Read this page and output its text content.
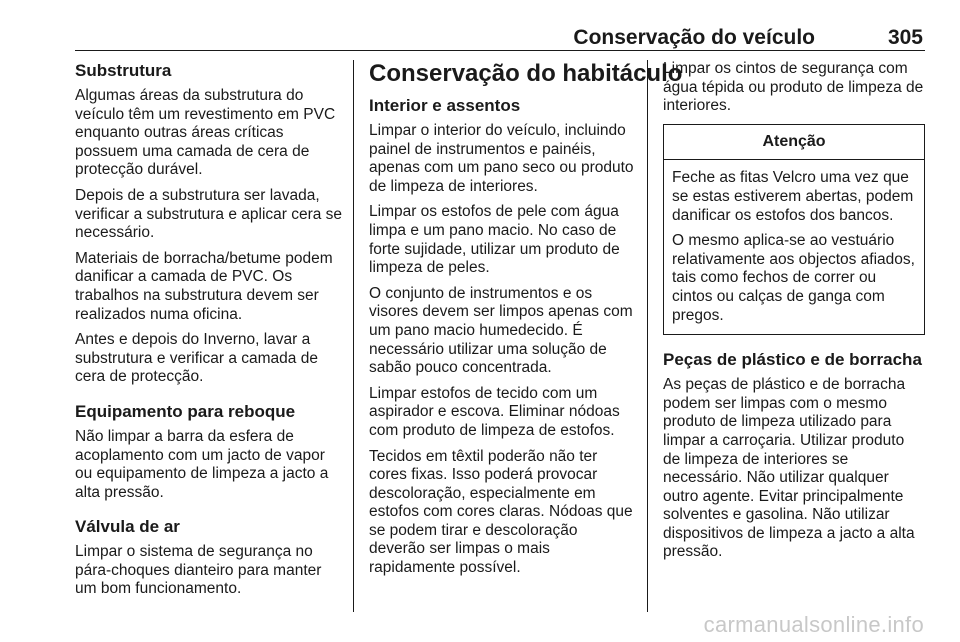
Conservação do veículo	305
Substrutura

Algumas áreas da substrutura do veículo têm um revestimento em PVC enquanto outras áreas críticas possuem uma camada de cera de protecção durável.

Depois de a substrutura ser lavada, verificar a substrutura e aplicar cera se necessário.

Materiais de borracha/betume podem danificar a camada de PVC. Os trabalhos na substrutura devem ser realizados numa oficina.

Antes e depois do Inverno, lavar a substrutura e verificar a camada de cera de protecção.

Equipamento para reboque

Não limpar a barra da esfera de acoplamento com um jacto de vapor ou equipamento de limpeza a jacto a alta pressão.

Válvula de ar

Limpar o sistema de segurança no pára-choques dianteiro para manter um bom funcionamento.

Conservação do habitáculo
Interior e assentos

Limpar o interior do veículo, incluindo painel de instrumentos e painéis, apenas com um pano seco ou produto de limpeza de interiores.

Limpar os estofos de pele com água limpa e um pano macio. No caso de forte sujidade, utilizar um produto de limpeza de peles.

O conjunto de instrumentos e os visores devem ser limpos apenas com um pano macio humedecido. É necessário utilizar uma solução de sabão pouco concentrada.

Limpar estofos de tecido com um aspirador e escova. Eliminar nódoas com produto de limpeza de estofos.

Tecidos em têxtil poderão não ter cores fixas. Isso poderá provocar descoloração, especialmente em estofos com cores claras. Nódoas que se podem tirar e descoloração deverão ser limpas o mais rapidamente possível.

Limpar os cintos de segurança com água tépida ou produto de limpeza de interiores.

Atenção

Feche as fitas Velcro uma vez que se estas estiverem abertas, podem danificar os estofos dos bancos.

O mesmo aplica-se ao vestuário relativamente aos objectos afiados, tais como fechos de correr ou cintos ou calças de ganga com pregos.

Peças de plástico e de borracha

As peças de plástico e de borracha podem ser limpas com o mesmo produto de limpeza utilizado para limpar a carroçaria. Utilizar produto de limpeza de interiores se necessário. Não utilizar qualquer outro agente. Evitar principalmente solventes e gasolina. Não utilizar dispositivos de limpeza a jacto a alta pressão.

carmanualsonline.info
